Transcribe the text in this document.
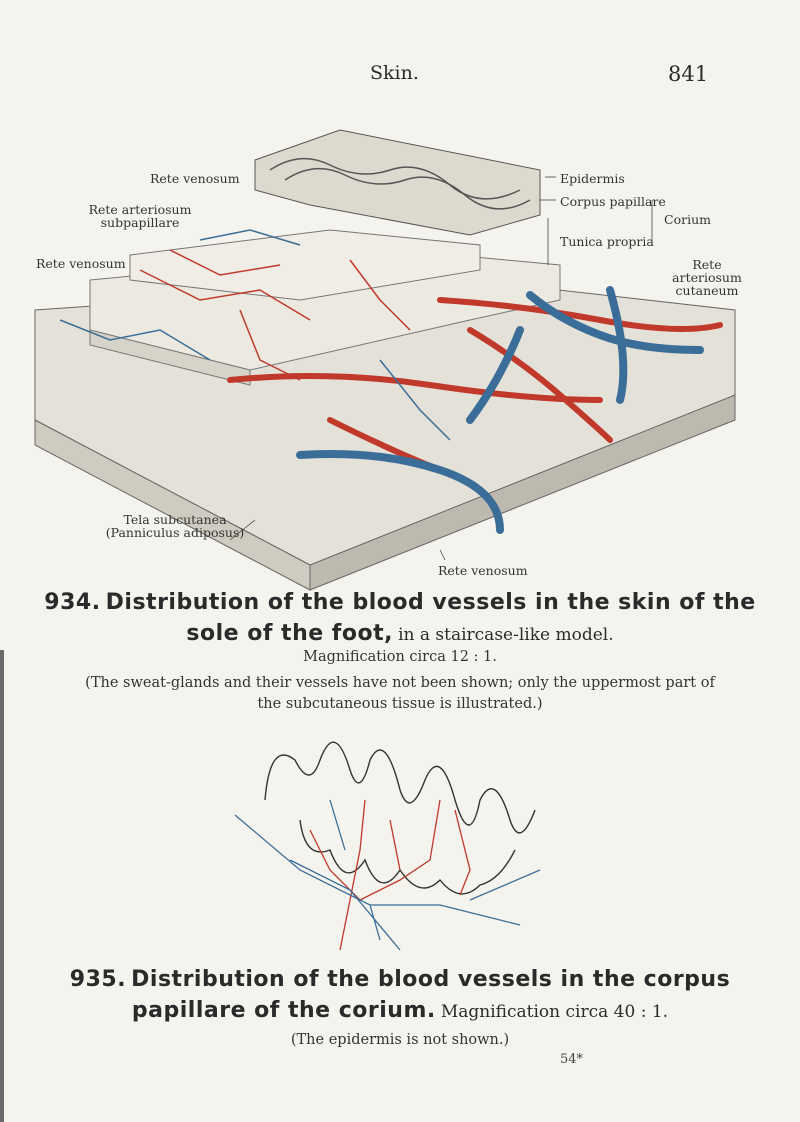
Skin.	841
Rete venosum
Rete arteriosum
subpapillare
Rete venosum
Epidermis
Corpus papillare
Corium
Tunica propria
Rete
arteriosum
cutaneum
Tela subcutanea
(Panniculus adiposus)
Rete venosum
934. Distribution of the blood vessels in the skin of the sole of the foot, in a staircase-like model.
Magnification circa 12 : 1.
(The sweat-glands and their vessels have not been shown; only the uppermost part of the subcutaneous tissue is illustrated.)
935. Distribution of the blood vessels in the corpus papillare of the corium. Magnification circa 40 : 1.
(The epidermis is not shown.)
54*
